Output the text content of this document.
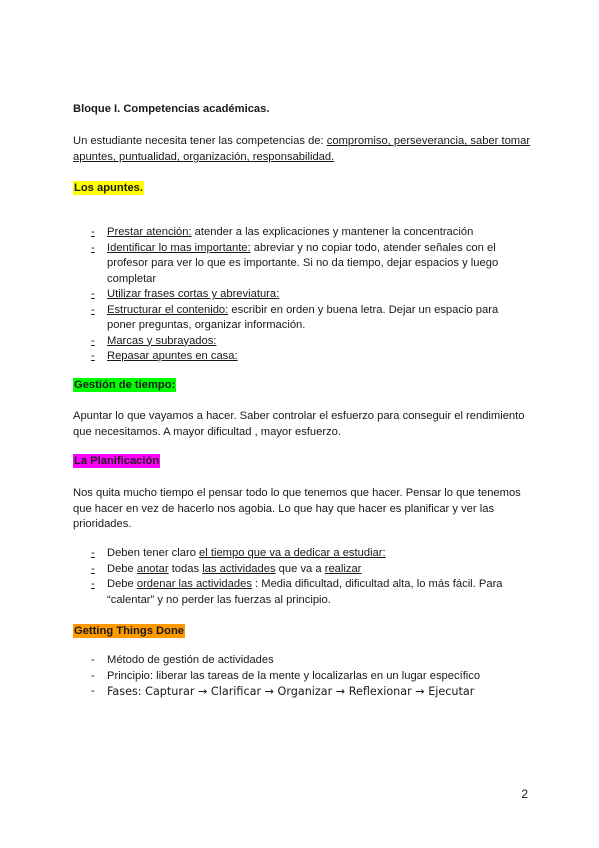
Bloque I. Competencias académicas.
Un estudiante necesita tener las competencias de: compromiso, perseverancia, saber tomar
apuntes, puntualidad, organización, responsabilidad.
Los apuntes.
- Prestar atención: atender a las explicaciones y mantener la concentración
- Identificar lo mas importante: abreviar y no copiar todo, atender señales con el
profesor para ver lo que es importante. Si no da tiempo, dejar espacios y luego
completar
- Utilizar frases cortas y abreviatura:
- Estructurar el contenido: escribir en orden y buena letra. Dejar un espacio para
poner preguntas, organizar información.
- Marcas y subrayados:
- Repasar apuntes en casa:
Gestión de tiempo:
Apuntar lo que vayamos a hacer. Saber controlar el esfuerzo para conseguir el rendimiento
que necesitamos. A mayor dificultad , mayor esfuerzo.
La Planificación
Nos quita mucho tiempo el pensar todo lo que tenemos que hacer. Pensar lo que tenemos
que hacer en vez de hacerlo nos agobia. Lo que hay que hacer es planificar y ver las
prioridades.
- Deben tener claro el tiempo que va a dedicar a estudiar:
- Debe anotar todas las actividades que va a realizar
- Debe ordenar las actividades : Media dificultad, dificultad alta, lo más fácil. Para
“calentar” y no perder las fuerzas al principio.
Getting Things Done
- Método de gestión de actividades
- Principio: liberar las tareas de la mente y localizarlas en un lugar específico
- Fases: Capturar → Clarificar → Organizar → Reflexionar → Ejecutar
2
